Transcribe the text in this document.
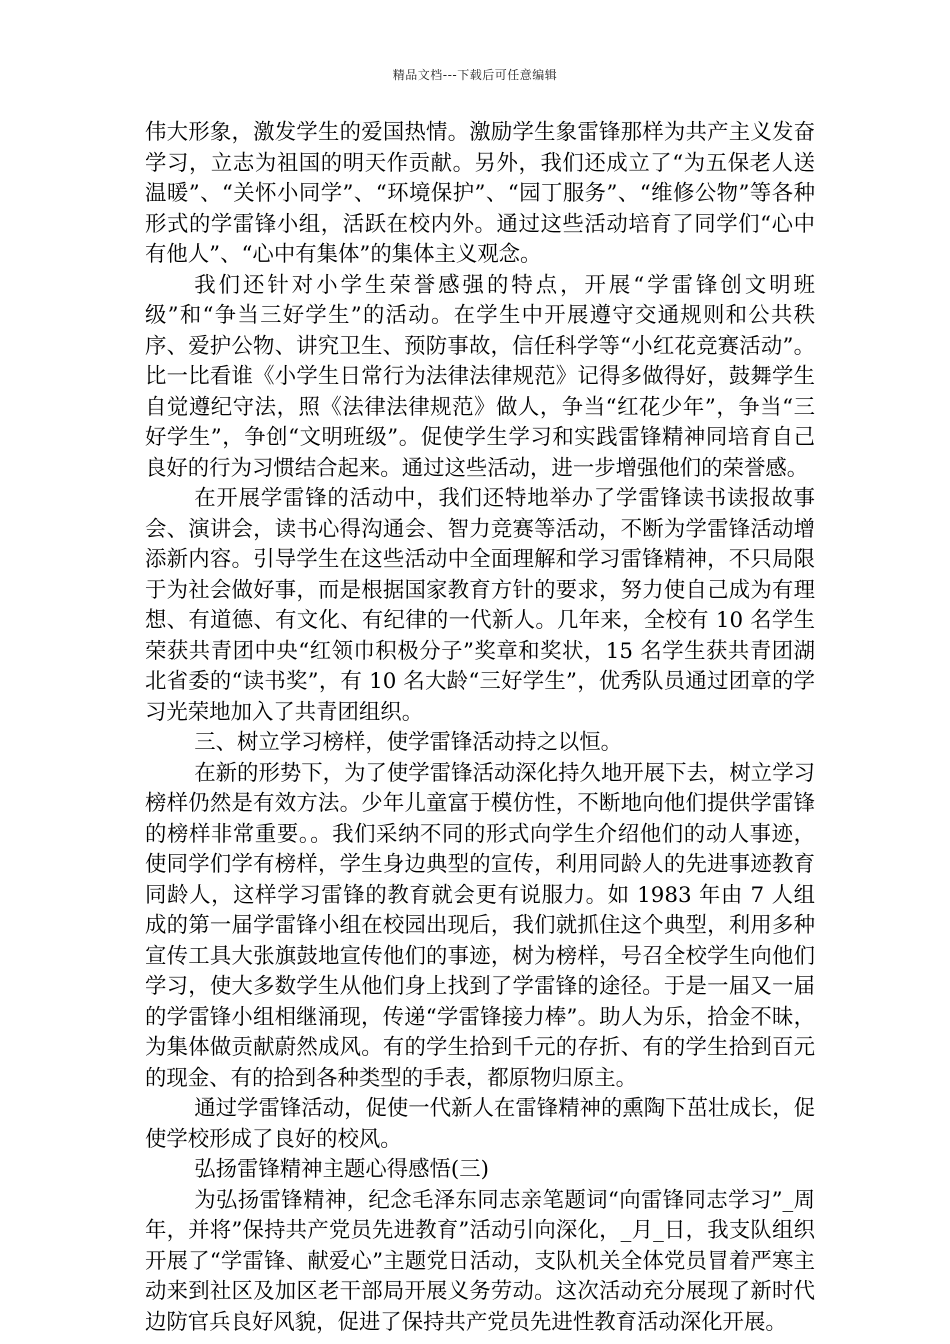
精品文档---下载后可任意编辑

伟大形象，激发学生的爱国热情。激励学生象雷锋那样为共产主义发奋学习，立志为祖国的明天作贡献。另外，我们还成立了“为五保老人送温暖”、“关怀小同学”、“环境保护”、“园丁服务”、“维修公物”等各种形式的学雷锋小组，活跃在校内外。通过这些活动培育了同学们“心中有他人”、“心中有集体”的集体主义观念。

我们还针对小学生荣誉感强的特点，开展“学雷锋创文明班级”和“争当三好学生”的活动。在学生中开展遵守交通规则和公共秩序、爱护公物、讲究卫生、预防事故，信任科学等“小红花竞赛活动”。比一比看谁《小学生日常行为法律法律规范》记得多做得好，鼓舞学生自觉遵纪守法，照《法律法律规范》做人，争当“红花少年”，争当“三好学生”，争创“文明班级”。促使学生学习和实践雷锋精神同培育自己良好的行为习惯结合起来。通过这些活动，进一步增强他们的荣誉感。

在开展学雷锋的活动中，我们还特地举办了学雷锋读书读报故事会、演讲会，读书心得沟通会、智力竞赛等活动，不断为学雷锋活动增添新内容。引导学生在这些活动中全面理解和学习雷锋精神，不只局限于为社会做好事，而是根据国家教育方针的要求，努力使自己成为有理想、有道德、有文化、有纪律的一代新人。几年来，全校有 10 名学生荣获共青团中央“红领巾积极分子”奖章和奖状，15 名学生获共青团湖北省委的“读书奖”，有 10 名大龄“三好学生”，优秀队员通过团章的学习光荣地加入了共青团组织。

三、树立学习榜样，使学雷锋活动持之以恒。

在新的形势下，为了使学雷锋活动深化持久地开展下去，树立学习榜样仍然是有效方法。少年儿童富于模仿性，不断地向他们提供学雷锋的榜样非常重要。。我们采纳不同的形式向学生介绍他们的动人事迹，使同学们学有榜样，学生身边典型的宣传，利用同龄人的先进事迹教育同龄人，这样学习雷锋的教育就会更有说服力。如 1983 年由 7 人组成的第一届学雷锋小组在校园出现后，我们就抓住这个典型，利用多种宣传工具大张旗鼓地宣传他们的事迹，树为榜样，号召全校学生向他们学习，使大多数学生从他们身上找到了学雷锋的途径。于是一届又一届的学雷锋小组相继涌现，传递“学雷锋接力棒”。助人为乐，拾金不昧，为集体做贡献蔚然成风。有的学生拾到千元的存折、有的学生拾到百元的现金、有的拾到各种类型的手表，都原物归原主。

通过学雷锋活动，促使一代新人在雷锋精神的熏陶下茁壮成长，促使学校形成了良好的校风。

弘扬雷锋精神主题心得感悟(三)

为弘扬雷锋精神，纪念毛泽东同志亲笔题词“向雷锋同志学习”_周年，并将”保持共产党员先进教育”活动引向深化，_月_日，我支队组织开展了“学雷锋、献爱心”主题党日活动，支队机关全体党员冒着严寒主动来到社区及加区老干部局开展义务劳动。这次活动充分展现了新时代边防官兵良好风貌，促进了保持共产党员先进性教育活动深化开展。
